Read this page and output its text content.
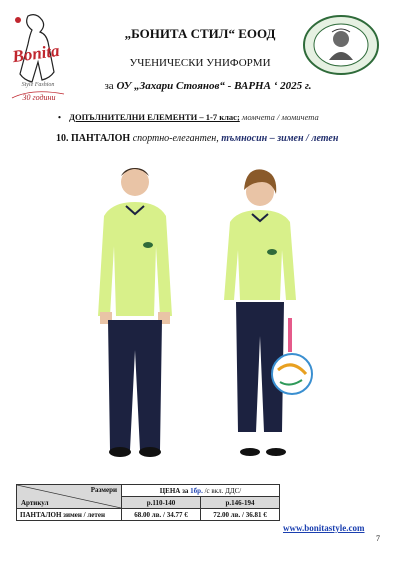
Bonita
Style Fashion
30 години
„БОНИТА СТИЛ“ ЕООД
УЧЕНИЧЕСКИ УНИФОРМИ
за ОУ „Захари Стоянов“ - ВАРНА ‘ 2025 г.
• ДОПЪЛНИТЕЛНИ ЕЛЕМЕНТИ – 1-7 клас; момчета / момичета
10. ПАНТАЛОН спортно-елегантен, тъмносин – зимен / летен
Размери
Артикул	ЦЕНА за 1бр. /с вкл. ДДС/	
	р.110-140	р.146-194
ПАНТАЛОН зимен / летен	68.00 лв. / 34.77 €	72.00 лв. / 36.81 €
www.bonitastyle.com
7
